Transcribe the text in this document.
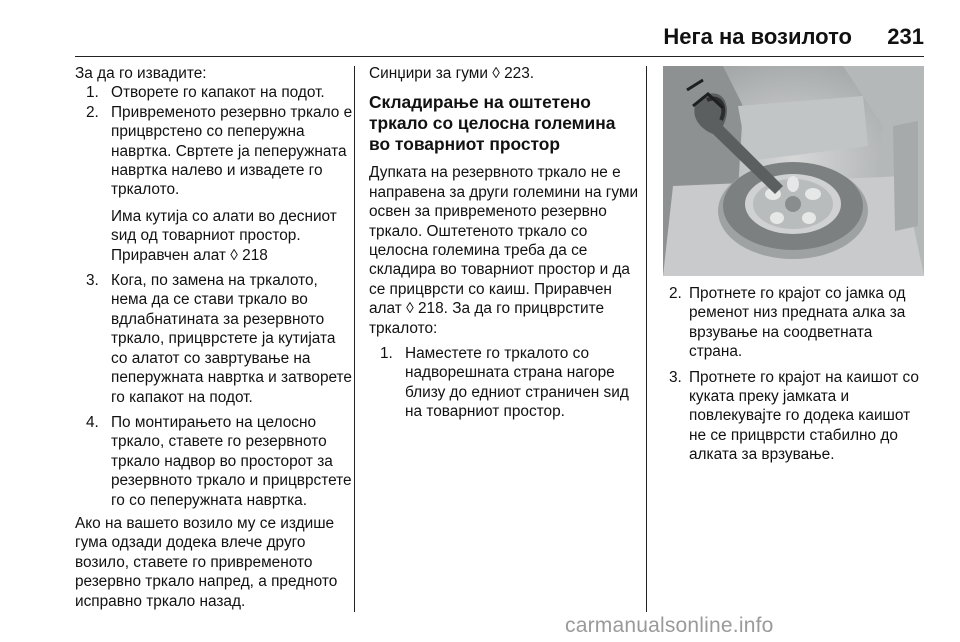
Нега на возилото 231

За да го извадите:

1. Отворете го капакот на подот.
2. Привременото резервно тркало е прицврстено со пеперужна навртка. Свртете ја пеперужната навртка налево и извадете го тркалото.

Има кутија со алати во десниот ѕид од товарниот простор. Приравчен алат ◊ 218

3. Кога, по замена на тркалото, нема да се стави тркало во вдлабнатината за резервното тркало, прицврстете ја кутијата со алатот со завртување на пеперужната навртка и затворете го капакот на подот.
4. По монтирањето на целосно тркало, ставете го резервното тркало надвор во просторот за резервното тркало и прицврстете го со пеперужната навртка.

Ако на вашето возило му се издише гума одзади додека влече друго возило, ставете го привременото резервно тркало напред, а предното исправно тркало назад.

Синџири за гуми ◊ 223.

Складирање на оштетено тркало со целосна големина во товарниот простор

Дупката на резервното тркало не е направена за други големини на гуми освен за привременото резервно тркало. Оштетеното тркало со целосна големина треба да се складира во товарниот простор и да се прицврсти со каиш. Приравчен алат ◊ 218. За да го прицврстите тркалото:

1. Наместете го тркалото со надворешната страна нагоре близу до едниот страничен ѕид на товарниот простор.
2. Протнете го крајот со јамка од ременот низ предната алка за врзување на соодветната страна.
3. Протнете го крајот на каишот со куката преку јамката и повлекувајте го додека каишот не се прицврсти стабилно до алката за врзување.
carmanualsonline.info
